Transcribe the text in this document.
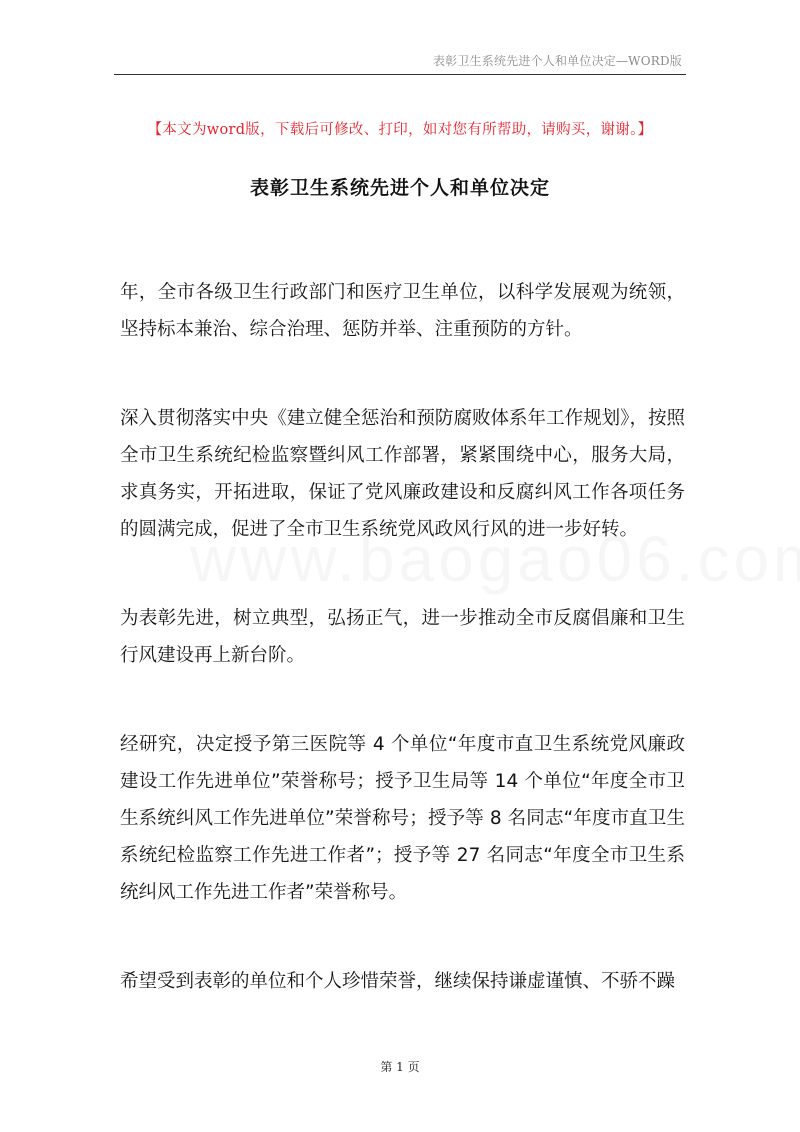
表彰卫生系统先进个人和单位决定—WORD版
【本文为word版，下载后可修改、打印，如对您有所帮助，请购买，谢谢。】
表彰卫生系统先进个人和单位决定

年，全市各级卫生行政部门和医疗卫生单位，以科学发展观为统领，坚持标本兼治、综合治理、惩防并举、注重预防的方针。

深入贯彻落实中央《建立健全惩治和预防腐败体系年工作规划》，按照全市卫生系统纪检监察暨纠风工作部署，紧紧围绕中心，服务大局，求真务实，开拓进取，保证了党风廉政建设和反腐纠风工作各项任务的圆满完成，促进了全市卫生系统党风政风行风的进一步好转。

为表彰先进，树立典型，弘扬正气，进一步推动全市反腐倡廉和卫生行风建设再上新台阶。

经研究，决定授予第三医院等 4 个单位“年度市直卫生系统党风廉政建设工作先进单位”荣誉称号；授予卫生局等 14 个单位“年度全市卫生系统纠风工作先进单位”荣誉称号；授予等 8 名同志“年度市直卫生系统纪检监察工作先进工作者”；授予等 27 名同志“年度全市卫生系统纠风工作先进工作者”荣誉称号。

希望受到表彰的单位和个人珍惜荣誉，继续保持谦虚谨慎、不骄不躁

第 1 页
